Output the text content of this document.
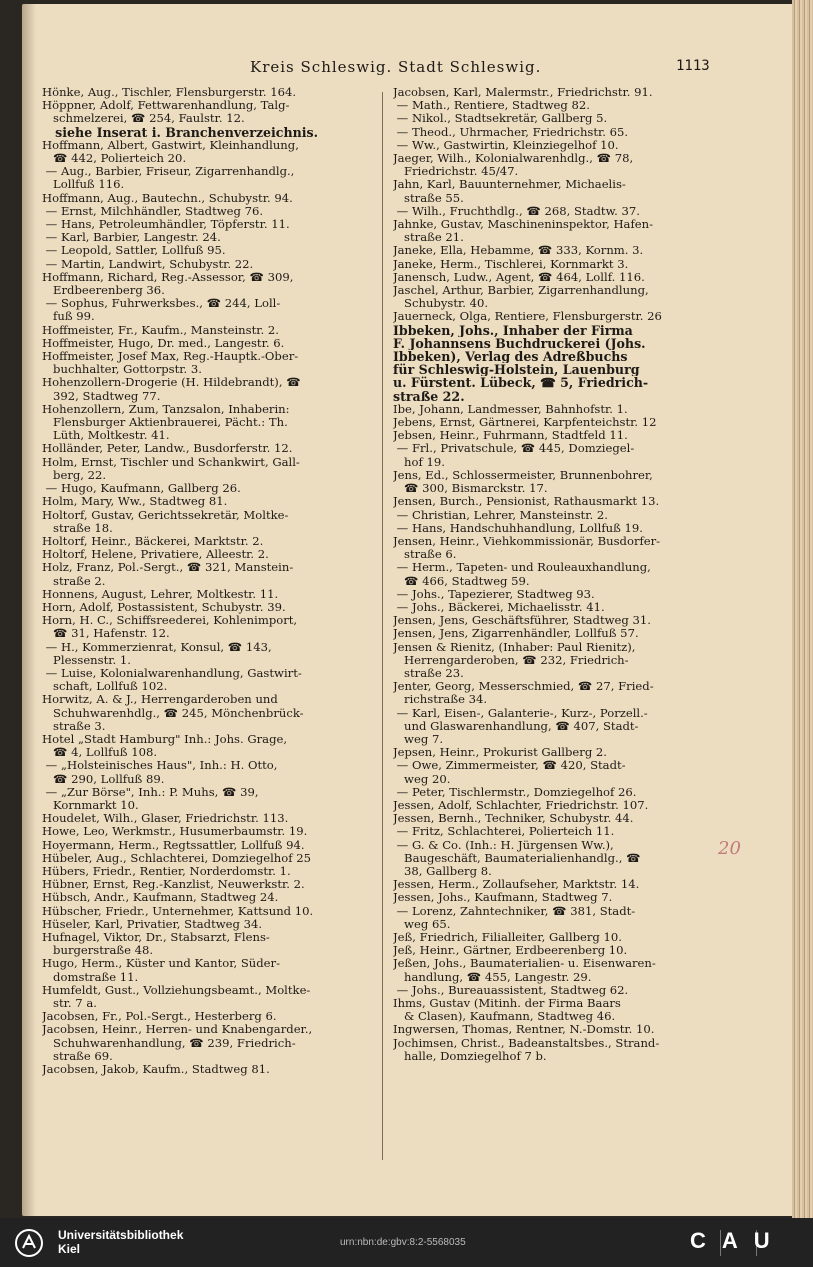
Kreis Schleswig. Stadt Schleswig.	1113
Hönke, Aug., Tischler, Flensburgerstr. 164.
Höppner, Adolf, Fettwarenhandlung, Talg-
schmelzerei, ☎ 254, Faulstr. 12.
siehe Inserat i. Branchenverzeichnis.
Hoffmann, Albert, Gastwirt, Kleinhandlung,
☎ 442, Polierteich 20.
— Aug., Barbier, Friseur, Zigarrenhandlg.,
Lollfuß 116.
Hoffmann, Aug., Bautechn., Schubystr. 94.
— Ernst, Milchhändler, Stadtweg 76.
— Hans, Petroleumhändler, Töpferstr. 11.
— Karl, Barbier, Langestr. 24.
— Leopold, Sattler, Lollfuß 95.
— Martin, Landwirt, Schubystr. 22.
Hoffmann, Richard, Reg.-Assessor, ☎ 309,
Erdbeerenberg 36.
— Sophus, Fuhrwerksbes., ☎ 244, Loll-
fuß 99.
Hoffmeister, Fr., Kaufm., Mansteinstr. 2.
Hoffmeister, Hugo, Dr. med., Langestr. 6.
Hoffmeister, Josef Max, Reg.-Hauptk.-Ober-
buchhalter, Gottorpstr. 3.
Hohenzollern-Drogerie (H. Hildebrandt), ☎
392, Stadtweg 77.
Hohenzollern, Zum, Tanzsalon, Inhaberin:
Flensburger Aktienbrauerei, Pächt.: Th.
Lüth, Moltkestr. 41.
Holländer, Peter, Landw., Busdorferstr. 12.
Holm, Ernst, Tischler und Schankwirt, Gall-
berg, 22.
— Hugo, Kaufmann, Gallberg 26.
Holm, Mary, Ww., Stadtweg 81.
Holtorf, Gustav, Gerichtssekretär, Moltke-
straße 18.
Holtorf, Heinr., Bäckerei, Marktstr. 2.
Holtorf, Helene, Privatiere, Alleestr. 2.
Holz, Franz, Pol.-Sergt., ☎ 321, Manstein-
straße 2.
Honnens, August, Lehrer, Moltkestr. 11.
Horn, Adolf, Postassistent, Schubystr. 39.
Horn, H. C., Schiffsreederei, Kohlenimport,
☎ 31, Hafenstr. 12.
— H., Kommerzienrat, Konsul, ☎ 143,
Plessenstr. 1.
— Luise, Kolonialwarenhandlung, Gastwirt-
schaft, Lollfuß 102.
Horwitz, A. & J., Herrengarderoben und
Schuhwarenhdlg., ☎ 245, Mönchenbrück-
straße 3.
Hotel „Stadt Hamburg" Inh.: Johs. Grage,
☎ 4, Lollfuß 108.
— „Holsteinisches Haus", Inh.: H. Otto,
☎ 290, Lollfuß 89.
— „Zur Börse", Inh.: P. Muhs, ☎ 39,
Kornmarkt 10.
Houdelet, Wilh., Glaser, Friedrichstr. 113.
Howe, Leo, Werkmstr., Husumerbaumstr. 19.
Hoyermann, Herm., Regtssattler, Lollfuß 94.
Hübeler, Aug., Schlachterei, Domziegelhof 25
Hübers, Friedr., Rentier, Norderdomstr. 1.
Hübner, Ernst, Reg.-Kanzlist, Neuwerkstr. 2.
Hübsch, Andr., Kaufmann, Stadtweg 24.
Hübscher, Friedr., Unternehmer, Kattsund 10.
Hüseler, Karl, Privatier, Stadtweg 34.
Hufnagel, Viktor, Dr., Stabsarzt, Flens-
burgerstraße 48.
Hugo, Herm., Küster und Kantor, Süder-
domstraße 11.
Humfeldt, Gust., Vollziehungsbeamt., Moltke-
str. 7 a.
Jacobsen, Fr., Pol.-Sergt., Hesterberg 6.
Jacobsen, Heinr., Herren- und Knabengarder.,
Schuhwarenhandlung, ☎ 239, Friedrich-
straße 69.
Jacobsen, Jakob, Kaufm., Stadtweg 81.
Jacobsen, Karl, Malermstr., Friedrichstr. 91.
— Math., Rentiere, Stadtweg 82.
— Nikol., Stadtsekretär, Gallberg 5.
— Theod., Uhrmacher, Friedrichstr. 65.
— Ww., Gastwirtin, Kleinziegelhof 10.
Jaeger, Wilh., Kolonialwarenhdlg., ☎ 78,
Friedrichstr. 45/47.
Jahn, Karl, Bauunternehmer, Michaelis-
straße 55.
— Wilh., Fruchthdlg., ☎ 268, Stadtw. 37.
Jahnke, Gustav, Maschineninspektor, Hafen-
straße 21.
Janeke, Ella, Hebamme, ☎ 333, Kornm. 3.
Janeke, Herm., Tischlerei, Kornmarkt 3.
Janensch, Ludw., Agent, ☎ 464, Lollf. 116.
Jaschel, Arthur, Barbier, Zigarrenhandlung,
Schubystr. 40.
Jauerneck, Olga, Rentiere, Flensburgerstr. 26
Ibbeken, Johs., Inhaber der Firma
F. Johannsens Buchdruckerei (Johs.
Ibbeken), Verlag des Adreßbuchs
für Schleswig-Holstein, Lauenburg
u. Fürstent. Lübeck, ☎ 5, Friedrich-
straße 22.
Ibe, Johann, Landmesser, Bahnhofstr. 1.
Jebens, Ernst, Gärtnerei, Karpfenteichstr. 12
Jebsen, Heinr., Fuhrmann, Stadtfeld 11.
— Frl., Privatschule, ☎ 445, Domziegel-
hof 19.
Jens, Ed., Schlossermeister, Brunnenbohrer,
☎ 300, Bismarckstr. 17.
Jensen, Burch., Pensionist, Rathausmarkt 13.
— Christian, Lehrer, Mansteinstr. 2.
— Hans, Handschuhhandlung, Lollfuß 19.
Jensen, Heinr., Viehkommissionär, Busdorfer-
straße 6.
— Herm., Tapeten- und Rouleauxhandlung,
☎ 466, Stadtweg 59.
— Johs., Tapezierer, Stadtweg 93.
— Johs., Bäckerei, Michaelisstr. 41.
Jensen, Jens, Geschäftsführer, Stadtweg 31.
Jensen, Jens, Zigarrenhändler, Lollfuß 57.
Jensen & Rienitz, (Inhaber: Paul Rienitz),
Herrengarderoben, ☎ 232, Friedrich-
straße 23.
Jenter, Georg, Messerschmied, ☎ 27, Fried-
richstraße 34.
— Karl, Eisen-, Galanterie-, Kurz-, Porzell.-
und Glaswarenhandlung, ☎ 407, Stadt-
weg 7.
Jepsen, Heinr., Prokurist Gallberg 2.
— Owe, Zimmermeister, ☎ 420, Stadt-
weg 20.
— Peter, Tischlermstr., Domziegelhof 26.
Jessen, Adolf, Schlachter, Friedrichstr. 107.
Jessen, Bernh., Techniker, Schubystr. 44.
— Fritz, Schlachterei, Polierteich 11.
— G. & Co. (Inh.: H. Jürgensen Ww.),
Baugeschäft, Baumaterialienhandlg., ☎
38, Gallberg 8.
Jessen, Herm., Zollaufseher, Marktstr. 14.
Jessen, Johs., Kaufmann, Stadtweg 7.
— Lorenz, Zahntechniker, ☎ 381, Stadt-
weg 65.
Jeß, Friedrich, Filialleiter, Gallberg 10.
Jeß, Heinr., Gärtner, Erdbeerenberg 10.
Jeßen, Johs., Baumaterialien- u. Eisenwaren-
handlung, ☎ 455, Langestr. 29.
— Johs., Bureauassistent, Stadtweg 62.
Ihms, Gustav (Mitinh. der Firma Baars
& Clasen), Kaufmann, Stadtweg 46.
Ingwersen, Thomas, Rentner, N.-Domstr. 10.
Jochimsen, Christ., Badeanstaltsbes., Strand-
halle, Domziegelhof 7 b.
20
Universitätsbibliothek
Kiel	urn:nbn:de:gbv:8:2-5568035	CAU
